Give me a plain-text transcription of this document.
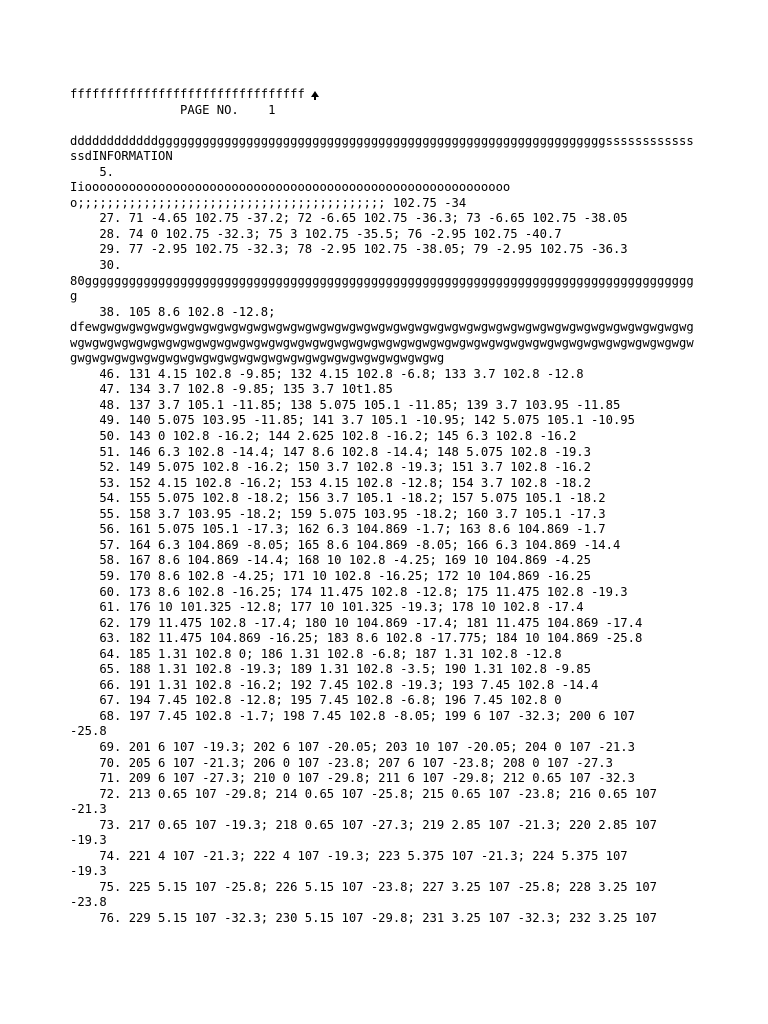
ffffffffffffffffffffffffffffffff
PAGE NO.    1

ddddddddddddgggggggggggggggggggggggggggggggggggggggggggggggggggggggggggggssssssssssssssdINFORMATION
5.
Iiooooooooooooooooooooooooooooooooooooooooooooooooooooooooooo;;;;;;;;;;;;;;;;;;;;;;;;;;;;;;;;;;;;;;;;;; 102.75 -34
27. 71 -4.65 102.75 -37.2; 72 -6.65 102.75 -36.3; 73 -6.65 102.75 -38.05
28. 74 0 102.75 -32.3; 75 3 102.75 -35.5; 76 -2.95 102.75 -40.7
29. 77 -2.95 102.75 -32.3; 78 -2.95 102.75 -38.05; 79 -2.95 102.75 -36.3
30.
80gggggggggggggggggggggggggggggggggggggggggggggggggggggggggggggggggggggggggggggggggggg
38. 105 8.6 102.8 -12.8;
dfewgwgwgwgwgwgwgwgwgwgwgwgwgwgwgwgwgwgwgwgwgwgwgwgwgwgwgwgwgwgwgwgwgwgwgwgwgwgwgwgwgwgwgwgwgwgwgwgwgwgwgwgwgwgwgwgwgwgwgwgwgwgwgwgwgwgwgwgwgwgwgwgwgwgwgwgwgwgwgwgwgwgwgwgwgwgwgwgwgwgwgwgwgwgwgwgwgwgwgwgwgwgwgwgwgwgwgwgwg
46. 131 4.15 102.8 -9.85; 132 4.15 102.8 -6.8; 133 3.7 102.8 -12.8
47. 134 3.7 102.8 -9.85; 135 3.7 10t1.85
48. 137 3.7 105.1 -11.85; 138 5.075 105.1 -11.85; 139 3.7 103.95 -11.85
49. 140 5.075 103.95 -11.85; 141 3.7 105.1 -10.95; 142 5.075 105.1 -10.95
50. 143 0 102.8 -16.2; 144 2.625 102.8 -16.2; 145 6.3 102.8 -16.2
51. 146 6.3 102.8 -14.4; 147 8.6 102.8 -14.4; 148 5.075 102.8 -19.3
52. 149 5.075 102.8 -16.2; 150 3.7 102.8 -19.3; 151 3.7 102.8 -16.2
53. 152 4.15 102.8 -16.2; 153 4.15 102.8 -12.8; 154 3.7 102.8 -18.2
54. 155 5.075 102.8 -18.2; 156 3.7 105.1 -18.2; 157 5.075 105.1 -18.2
55. 158 3.7 103.95 -18.2; 159 5.075 103.95 -18.2; 160 3.7 105.1 -17.3
56. 161 5.075 105.1 -17.3; 162 6.3 104.869 -1.7; 163 8.6 104.869 -1.7
57. 164 6.3 104.869 -8.05; 165 8.6 104.869 -8.05; 166 6.3 104.869 -14.4
58. 167 8.6 104.869 -14.4; 168 10 102.8 -4.25; 169 10 104.869 -4.25
59. 170 8.6 102.8 -4.25; 171 10 102.8 -16.25; 172 10 104.869 -16.25
60. 173 8.6 102.8 -16.25; 174 11.475 102.8 -12.8; 175 11.475 102.8 -19.3
61. 176 10 101.325 -12.8; 177 10 101.325 -19.3; 178 10 102.8 -17.4
62. 179 11.475 102.8 -17.4; 180 10 104.869 -17.4; 181 11.475 104.869 -17.4
63. 182 11.475 104.869 -16.25; 183 8.6 102.8 -17.775; 184 10 104.869 -25.8
64. 185 1.31 102.8 0; 186 1.31 102.8 -6.8; 187 1.31 102.8 -12.8
65. 188 1.31 102.8 -19.3; 189 1.31 102.8 -3.5; 190 1.31 102.8 -9.85
66. 191 1.31 102.8 -16.2; 192 7.45 102.8 -19.3; 193 7.45 102.8 -14.4
67. 194 7.45 102.8 -12.8; 195 7.45 102.8 -6.8; 196 7.45 102.8 0
68. 197 7.45 102.8 -1.7; 198 7.45 102.8 -8.05; 199 6 107 -32.3; 200 6 107
-25.8
69. 201 6 107 -19.3; 202 6 107 -20.05; 203 10 107 -20.05; 204 0 107 -21.3
70. 205 6 107 -21.3; 206 0 107 -23.8; 207 6 107 -23.8; 208 0 107 -27.3
71. 209 6 107 -27.3; 210 0 107 -29.8; 211 6 107 -29.8; 212 0.65 107 -32.3
72. 213 0.65 107 -29.8; 214 0.65 107 -25.8; 215 0.65 107 -23.8; 216 0.65 107
-21.3
73. 217 0.65 107 -19.3; 218 0.65 107 -27.3; 219 2.85 107 -21.3; 220 2.85 107
-19.3
74. 221 4 107 -21.3; 222 4 107 -19.3; 223 5.375 107 -21.3; 224 5.375 107
-19.3
75. 225 5.15 107 -25.8; 226 5.15 107 -23.8; 227 3.25 107 -25.8; 228 3.25 107
-23.8
76. 229 5.15 107 -32.3; 230 5.15 107 -29.8; 231 3.25 107 -32.3; 232 3.25 107
